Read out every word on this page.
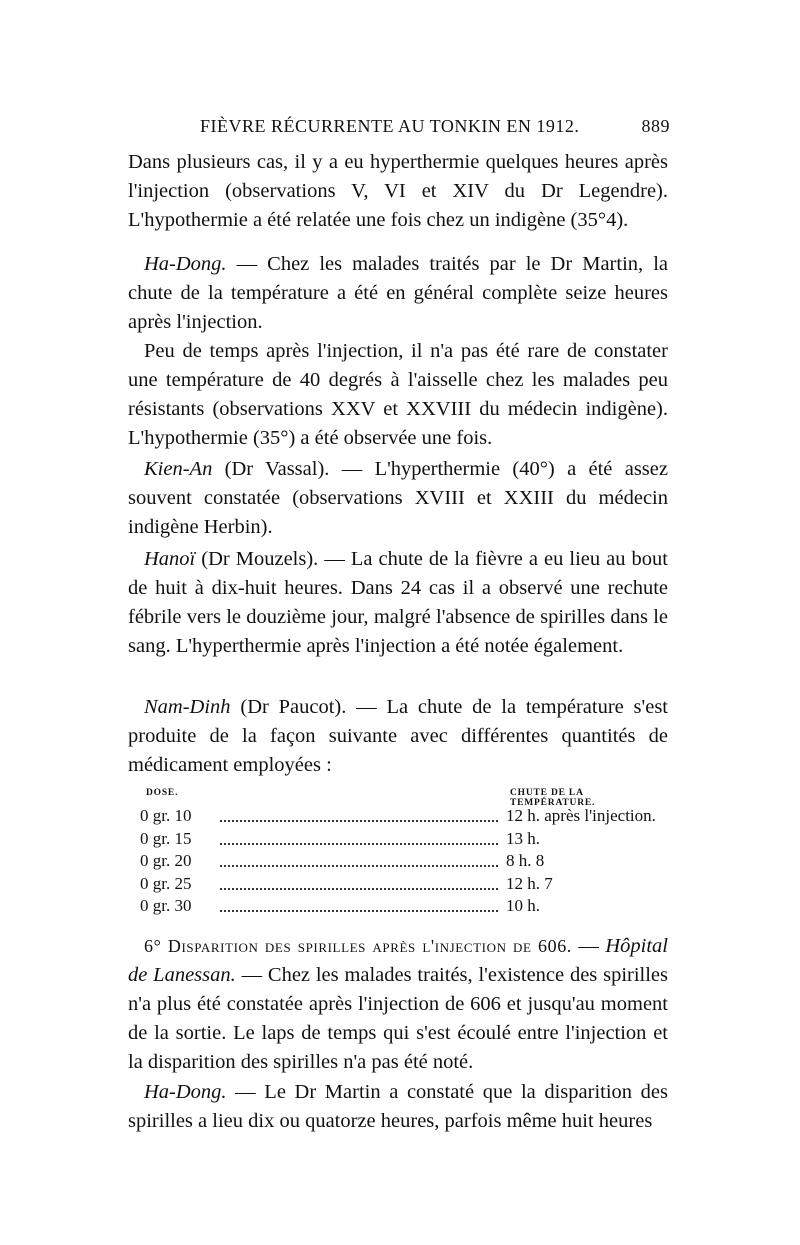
FIÈVRE RÉCURRENTE AU TONKIN EN 1912.	889

Dans plusieurs cas, il y a eu hyperthermie quelques heures après l'injection (observations V, VI et XIV du Dr Legendre). L'hypothermie a été relatée une fois chez un indigène (35°4).

Ha-Dong. — Chez les malades traités par le Dr Martin, la chute de la température a été en général complète seize heures après l'injection.

Peu de temps après l'injection, il n'a pas été rare de constater une température de 40 degrés à l'aisselle chez les malades peu résistants (observations XXV et XXVIII du médecin indigène). L'hypothermie (35°) a été observée une fois.

Kien-An (Dr Vassal). — L'hyperthermie (40°) a été assez souvent constatée (observations XVIII et XXIII du médecin indigène Herbin).

Hanoï (Dr Mouzels). — La chute de la fièvre a eu lieu au bout de huit à dix-huit heures. Dans 24 cas il a observé une rechute fébrile vers le douzième jour, malgré l'absence de spirilles dans le sang. L'hyperthermie après l'injection a été notée également.

Nam-Dinh (Dr Paucot). — La chute de la température s'est produite de la façon suivante avec différentes quantités de médicament employées :

DOSE.	CHUTE DE LA TEMPÉRATURE.
0 gr. 10	12 h. après l'injection.
0 gr. 15	13 h.
0 gr. 20	8 h. 8
0 gr. 25	12 h. 7
0 gr. 30	10 h.

6° Disparition des spirilles après l'injection de 606. — Hôpital de Lanessan. — Chez les malades traités, l'existence des spirilles n'a plus été constatée après l'injection de 606 et jusqu'au moment de la sortie. Le laps de temps qui s'est écoulé entre l'injection et la disparition des spirilles n'a pas été noté.

Ha-Dong. — Le Dr Martin a constaté que la disparition des spirilles a lieu dix ou quatorze heures, parfois même huit heures
